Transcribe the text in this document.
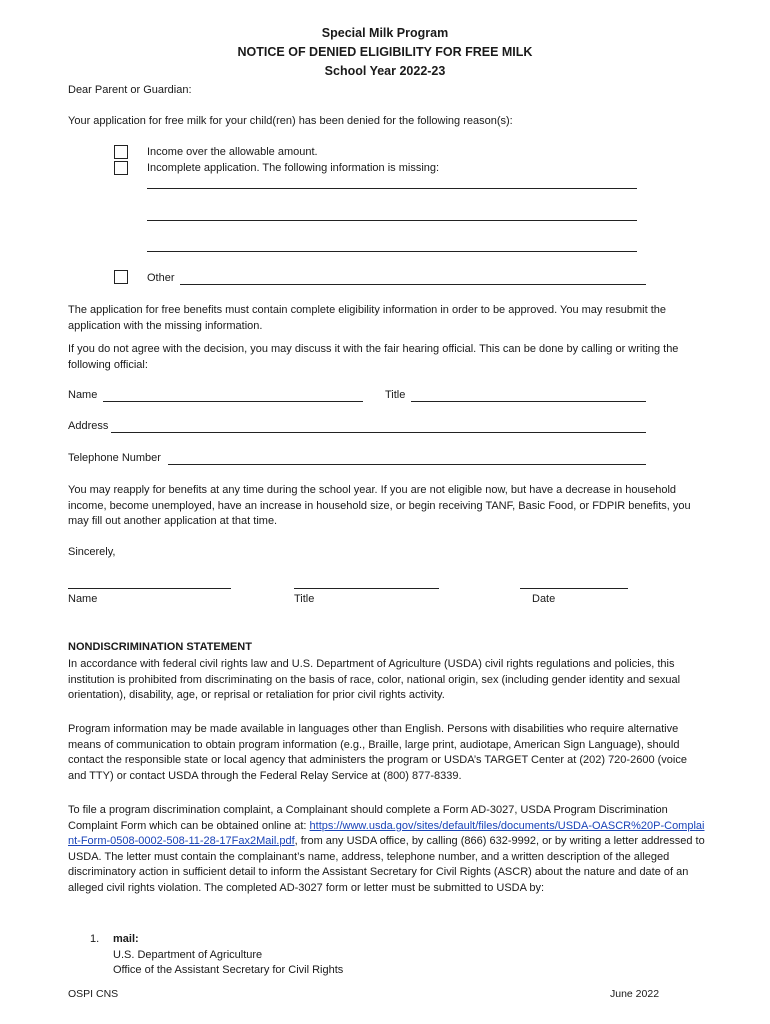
Special Milk Program
NOTICE OF DENIED ELIGIBILITY FOR FREE MILK
School Year 2022-23
Dear Parent or Guardian:
Your application for free milk for your child(ren) has been denied for the following reason(s):
Income over the allowable amount.
Incomplete application. The following information is missing:
Other
The application for free benefits must contain complete eligibility information in order to be approved. You may resubmit the application with the missing information.
If you do not agree with the decision, you may discuss it with the fair hearing official. This can be done by calling or writing the following official:
Name	Title
Address
Telephone Number
You may reapply for benefits at any time during the school year. If you are not eligible now, but have a decrease in household income, become unemployed, have an increase in household size, or begin receiving TANF, Basic Food, or FDPIR benefits, you may fill out another application at that time.
Sincerely,
Name	Title	Date
NONDISCRIMINATION STATEMENT
In accordance with federal civil rights law and U.S. Department of Agriculture (USDA) civil rights regulations and policies, this institution is prohibited from discriminating on the basis of race, color, national origin, sex (including gender identity and sexual orientation), disability, age, or reprisal or retaliation for prior civil rights activity.
Program information may be made available in languages other than English. Persons with disabilities who require alternative means of communication to obtain program information (e.g., Braille, large print, audiotape, American Sign Language), should contact the responsible state or local agency that administers the program or USDA’s TARGET Center at (202) 720-2600 (voice and TTY) or contact USDA through the Federal Relay Service at (800) 877-8339.
To file a program discrimination complaint, a Complainant should complete a Form AD-3027, USDA Program Discrimination Complaint Form which can be obtained online at: https://www.usda.gov/sites/default/files/documents/USDA-OASCR%20P-Complaint-Form-0508-0002-508-11-28-17Fax2Mail.pdf, from any USDA office, by calling (866) 632-9992, or by writing a letter addressed to USDA. The letter must contain the complainant’s name, address, telephone number, and a written description of the alleged discriminatory action in sufficient detail to inform the Assistant Secretary for Civil Rights (ASCR) about the nature and date of an alleged civil rights violation. The completed AD-3027 form or letter must be submitted to USDA by:
1. mail:
U.S. Department of Agriculture
Office of the Assistant Secretary for Civil Rights
OSPI CNS	June 2022
